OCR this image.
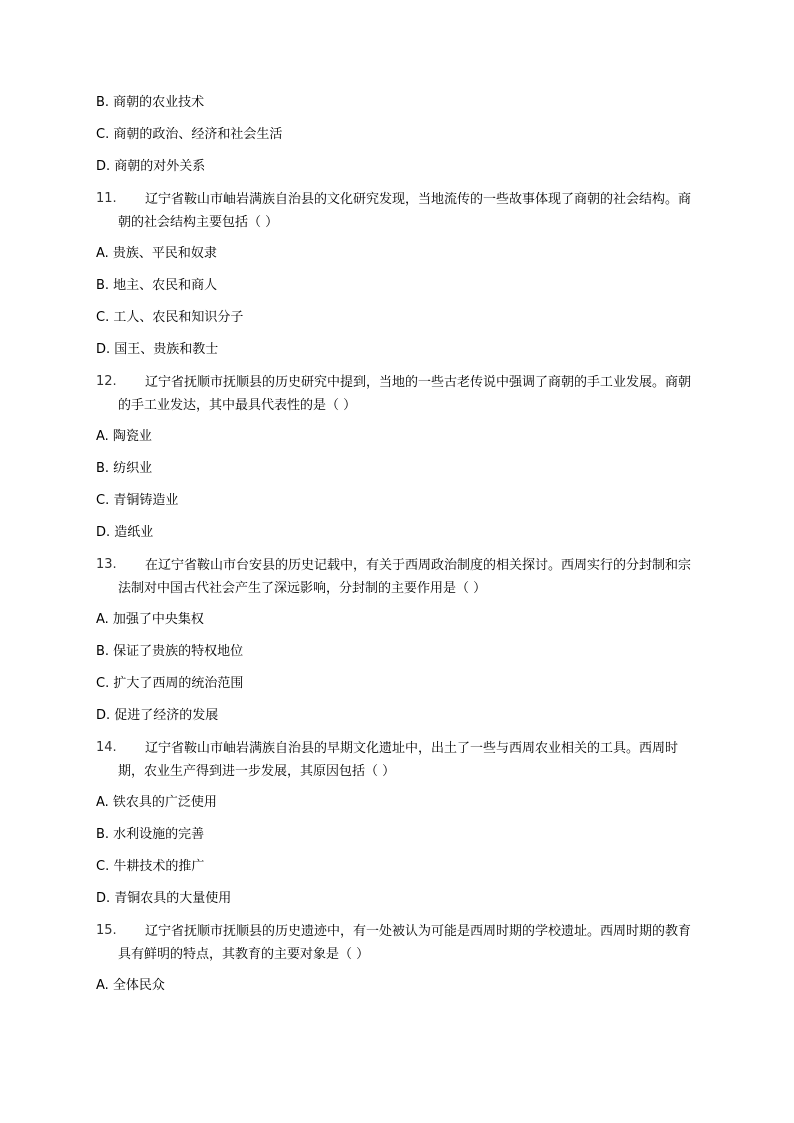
B. 商朝的农业技术
C. 商朝的政治、经济和社会生活
D. 商朝的对外关系
11.	辽宁省鞍山市岫岩满族自治县的文化研究发现，当地流传的一些故事体现了商朝的社会结构。商朝的社会结构主要包括（ ）
A. 贵族、平民和奴隶
B. 地主、农民和商人
C. 工人、农民和知识分子
D. 国王、贵族和教士
12.	辽宁省抚顺市抚顺县的历史研究中提到，当地的一些古老传说中强调了商朝的手工业发展。商朝的手工业发达，其中最具代表性的是（ ）
A. 陶瓷业
B. 纺织业
C. 青铜铸造业
D. 造纸业
13.	在辽宁省鞍山市台安县的历史记载中，有关于西周政治制度的相关探讨。西周实行的分封制和宗法制对中国古代社会产生了深远影响，分封制的主要作用是（ ）
A. 加强了中央集权
B. 保证了贵族的特权地位
C. 扩大了西周的统治范围
D. 促进了经济的发展
14.	辽宁省鞍山市岫岩满族自治县的早期文化遗址中，出土了一些与西周农业相关的工具。西周时期，农业生产得到进一步发展，其原因包括（ ）
A. 铁农具的广泛使用
B. 水利设施的完善
C. 牛耕技术的推广
D. 青铜农具的大量使用
15.	辽宁省抚顺市抚顺县的历史遗迹中，有一处被认为可能是西周时期的学校遗址。西周时期的教育具有鲜明的特点，其教育的主要对象是（ ）
A. 全体民众
